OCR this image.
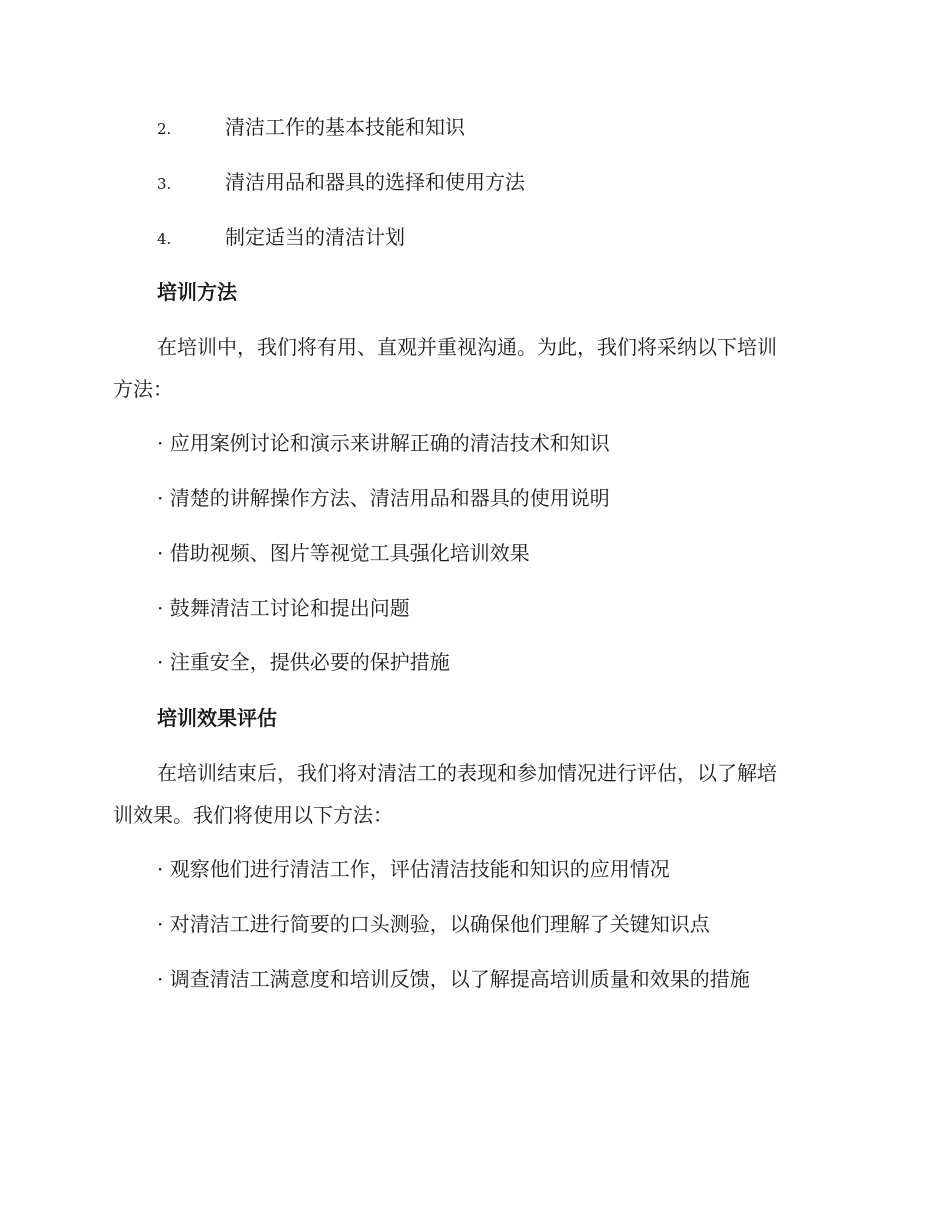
2.	清洁工作的基本技能和知识
3.	清洁用品和器具的选择和使用方法
4.	制定适当的清洁计划
培训方法
在培训中，我们将有用、直观并重视沟通。为此，我们将采纳以下培训
方法：
· 应用案例讨论和演示来讲解正确的清洁技术和知识
· 清楚的讲解操作方法、清洁用品和器具的使用说明
· 借助视频、图片等视觉工具强化培训效果
· 鼓舞清洁工讨论和提出问题
· 注重安全，提供必要的保护措施
培训效果评估
在培训结束后，我们将对清洁工的表现和参加情况进行评估，以了解培
训效果。我们将使用以下方法：
· 观察他们进行清洁工作，评估清洁技能和知识的应用情况
· 对清洁工进行简要的口头测验，以确保他们理解了关键知识点
· 调查清洁工满意度和培训反馈，以了解提高培训质量和效果的措施
